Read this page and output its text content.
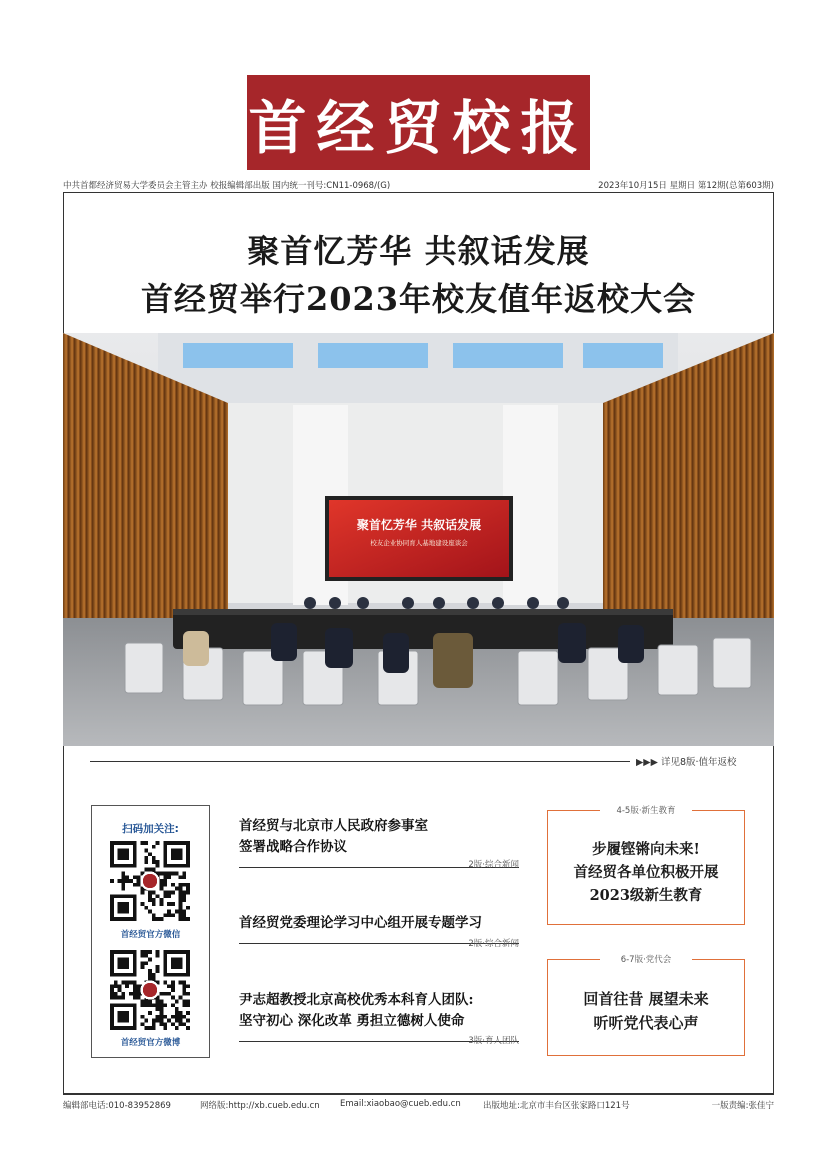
首经贸校报
中共首都经济贸易大学委员会主管主办 校报编辑部出版 国内统一刊号:CN11-0968/(G)	2023年10月15日 星期日 第12期(总第603期)
聚首忆芳华 共叙话发展
首经贸举行2023年校友值年返校大会
聚首忆芳华 共叙话发展
校友企业协同育人基地建设座谈会
▶▶▶ 详见8版·值年返校
扫码加关注:
首经贸官方微信
首经贸官方微博
首经贸与北京市人民政府参事室
签署战略合作协议
2版·综合新闻
首经贸党委理论学习中心组开展专题学习
2版·综合新闻
尹志超教授北京高校优秀本科育人团队:
坚守初心 深化改革 勇担立德树人使命
3版·育人团队
4-5版·新生教育
步履铿锵向未来!
首经贸各单位积极开展
2023级新生教育
6-7版·党代会
回首往昔 展望未来
听听党代表心声
编辑部电话:010-83952869	网络版:http://xb.cueb.edu.cn Email:xiaobao@cueb.edu.cn	出版地址:北京市丰台区张家路口121号	一版责编:张佳宁
